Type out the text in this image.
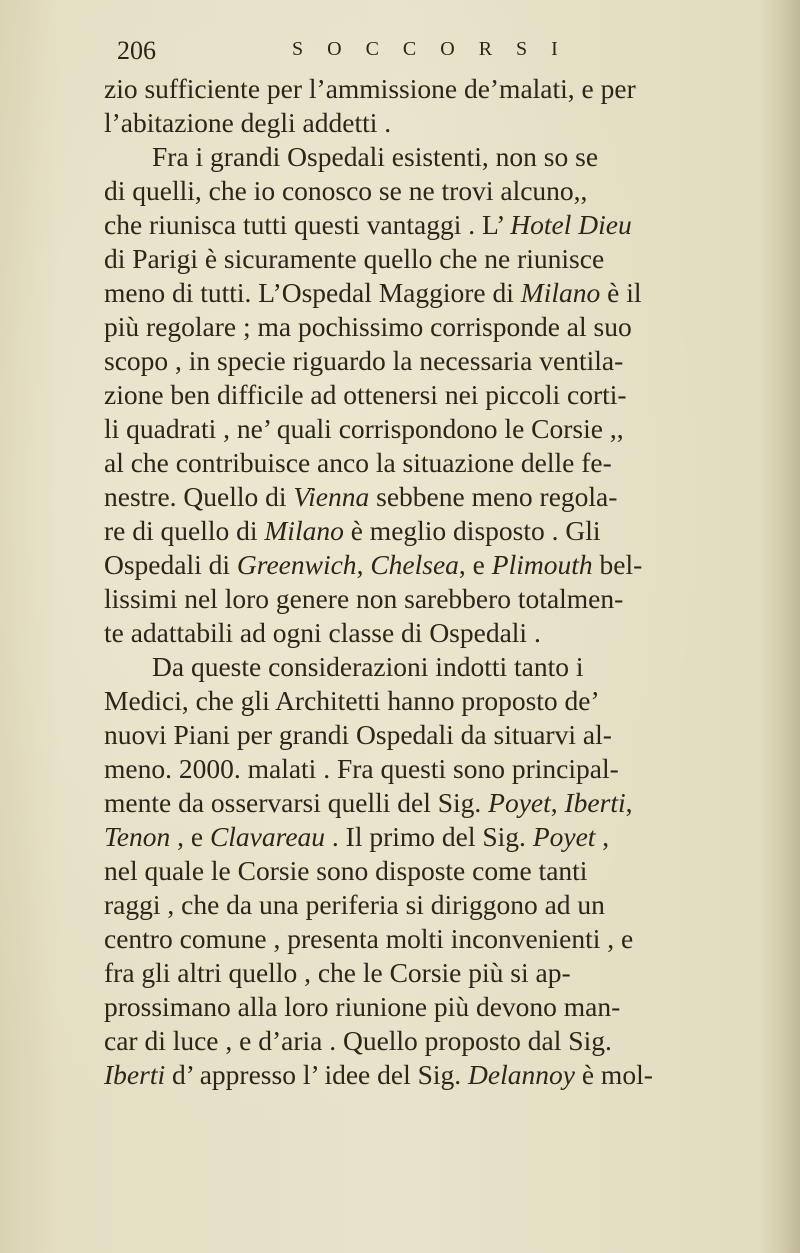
206	SOCCORSI
zio sufficiente per l’ammissione de’malati, e per
l’abitazione degli addetti .
Fra i grandi Ospedali esistenti, non so se
di quelli, che io conosco se ne trovi alcuno,,
che riunisca tutti questi vantaggi . L’ Hotel Dieu
di Parigi è sicuramente quello che ne riunisce
meno di tutti. L’Ospedal Maggiore di Milano è il
più regolare ; ma pochissimo corrisponde al suo
scopo , in specie riguardo la necessaria ventila-
zione ben difficile ad ottenersi nei piccoli corti-
li quadrati , ne’ quali corrispondono le Corsie ,,
al che contribuisce anco la situazione delle fe-
nestre. Quello di Vienna sebbene meno regola-
re di quello di Milano è meglio disposto . Gli
Ospedali di Greenwich, Chelsea, e Plimouth bel-
lissimi nel loro genere non sarebbero totalmen-
te adattabili ad ogni classe di Ospedali .
Da queste considerazioni indotti tanto i
Medici, che gli Architetti hanno proposto de’
nuovi Piani per grandi Ospedali da situarvi al-
meno. 2000. malati . Fra questi sono principal-
mente da osservarsi quelli del Sig. Poyet, Iberti,
Tenon , e Clavareau . Il primo del Sig. Poyet ,
nel quale le Corsie sono disposte come tanti
raggi , che da una periferia si diriggono ad un
centro comune , presenta molti inconvenienti , e
fra gli altri quello , che le Corsie più si ap-
prossimano alla loro riunione più devono man-
car di luce , e d’aria . Quello proposto dal Sig.
Iberti d’ appresso l’ idee del Sig. Delannoy è mol-
